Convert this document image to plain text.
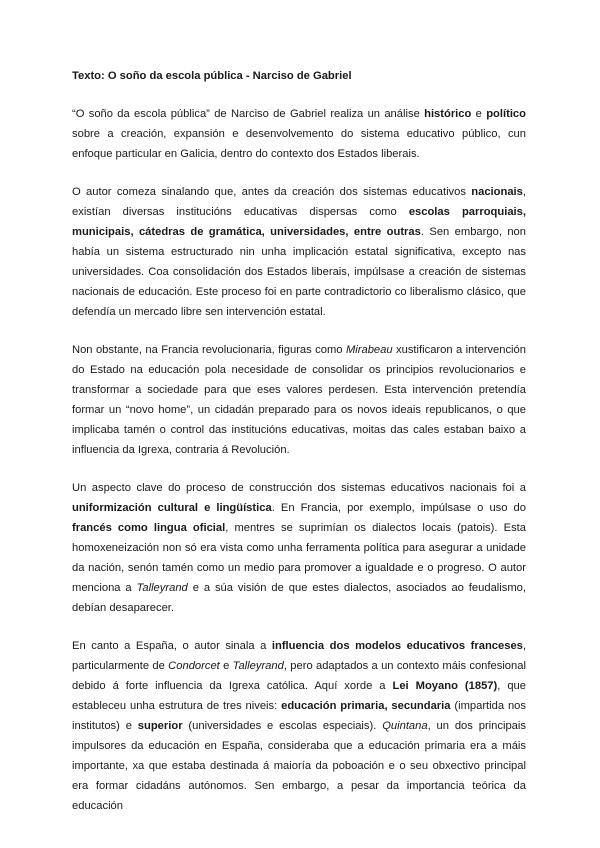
Texto: O soño da escola pública - Narciso de Gabriel

“O soño da escola pública” de Narciso de Gabriel realiza un análise histórico e político sobre a creación, expansión e desenvolvemento do sistema educativo público, cun enfoque particular en Galicia, dentro do contexto dos Estados liberais.

O autor comeza sinalando que, antes da creación dos sistemas educativos nacionais, existían diversas institucións educativas dispersas como escolas parroquiais, municipais, cátedras de gramática, universidades, entre outras. Sen embargo, non había un sistema estructurado nin unha implicación estatal significativa, excepto nas universidades. Coa consolidación dos Estados liberais, impúlsase a creación de sistemas nacionais de educación. Este proceso foi en parte contradictorio co liberalismo clásico, que defendía un mercado libre sen intervención estatal.

Non obstante, na Francia revolucionaria, figuras como Mirabeau xustificaron a intervención do Estado na educación pola necesidade de consolidar os principios revolucionarios e transformar a sociedade para que eses valores perdesen. Esta intervención pretendía formar un “novo home”, un cidadán preparado para os novos ideais republicanos, o que implicaba tamén o control das institucións educativas, moitas das cales estaban baixo a influencia da Igrexa, contraria á Revolución.

Un aspecto clave do proceso de construcción dos sistemas educativos nacionais foi a uniformización cultural e lingüística. En Francia, por exemplo, impúlsase o uso do francés como lingua oficial, mentres se suprimían os dialectos locais (patois). Esta homoxeneización non só era vista como unha ferramenta política para asegurar a unidade da nación, senón tamén como un medio para promover a igualdade e o progreso. O autor menciona a Talleyrand e a súa visión de que estes dialectos, asociados ao feudalismo, debían desaparecer.

En canto a España, o autor sinala a influencia dos modelos educativos franceses, particularmente de Condorcet e Talleyrand, pero adaptados a un contexto máis confesional debido á forte influencia da Igrexa católica. Aquí xorde a Lei Moyano (1857), que estableceu unha estrutura de tres niveis: educación primaria, secundaria (impartida nos institutos) e superior (universidades e escolas especiais). Quintana, un dos principais impulsores da educación en España, consideraba que a educación primaria era a máis importante, xa que estaba destinada á maioría da poboación e o seu obxectivo principal era formar cidadáns autónomos. Sen embargo, a pesar da importancia teórica da educación
